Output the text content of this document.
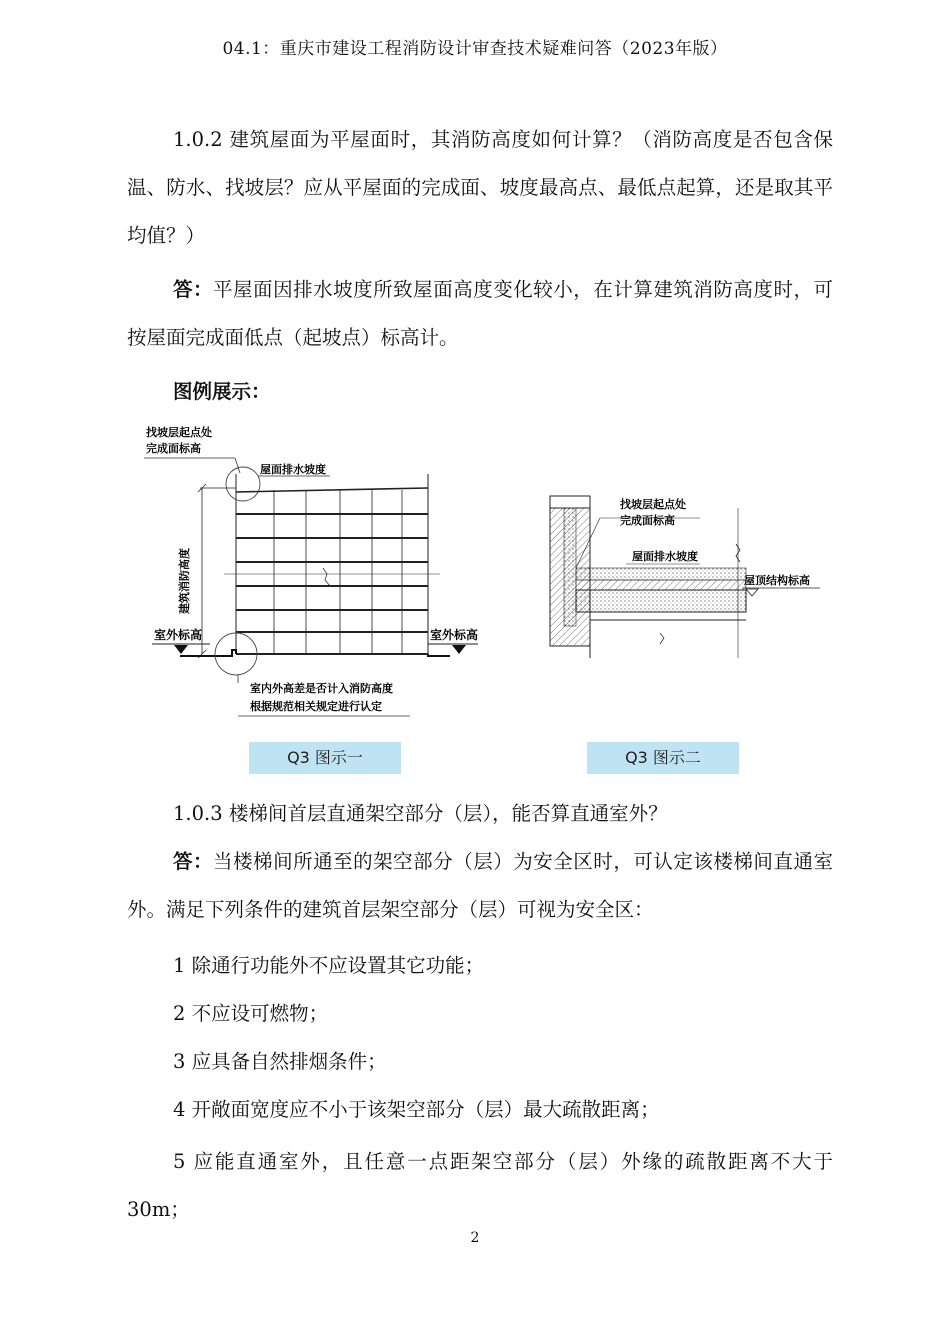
04.1：重庆市建设工程消防设计审查技术疑难问答（2023年版）
1.0.2 建筑屋面为平屋面时，其消防高度如何计算？（消防高度是否包含保温、防水、找坡层？应从平屋面的完成面、坡度最高点、最低点起算，还是取其平均值？）
答：平屋面因排水坡度所致屋面高度变化较小，在计算建筑消防高度时，可按屋面完成面低点（起坡点）标高计。
图例展示：
找坡层起点处
完成面标高
屋面排水坡度
建筑消防高度
室外标高	室外标高
室内外高差是否计入消防高度
根据规范相关规定进行认定
找坡层起点处
完成面标高
屋面排水坡度
屋顶结构标高
Q3 图示一	Q3 图示二
1.0.3 楼梯间首层直通架空部分（层），能否算直通室外？
答：当楼梯间所通至的架空部分（层）为安全区时，可认定该楼梯间直通室外。满足下列条件的建筑首层架空部分（层）可视为安全区：
1 除通行功能外不应设置其它功能；
2 不应设可燃物；
3 应具备自然排烟条件；
4 开敞面宽度应不小于该架空部分（层）最大疏散距离；
5 应能直通室外，且任意一点距架空部分（层）外缘的疏散距离不大于 30m；
2
